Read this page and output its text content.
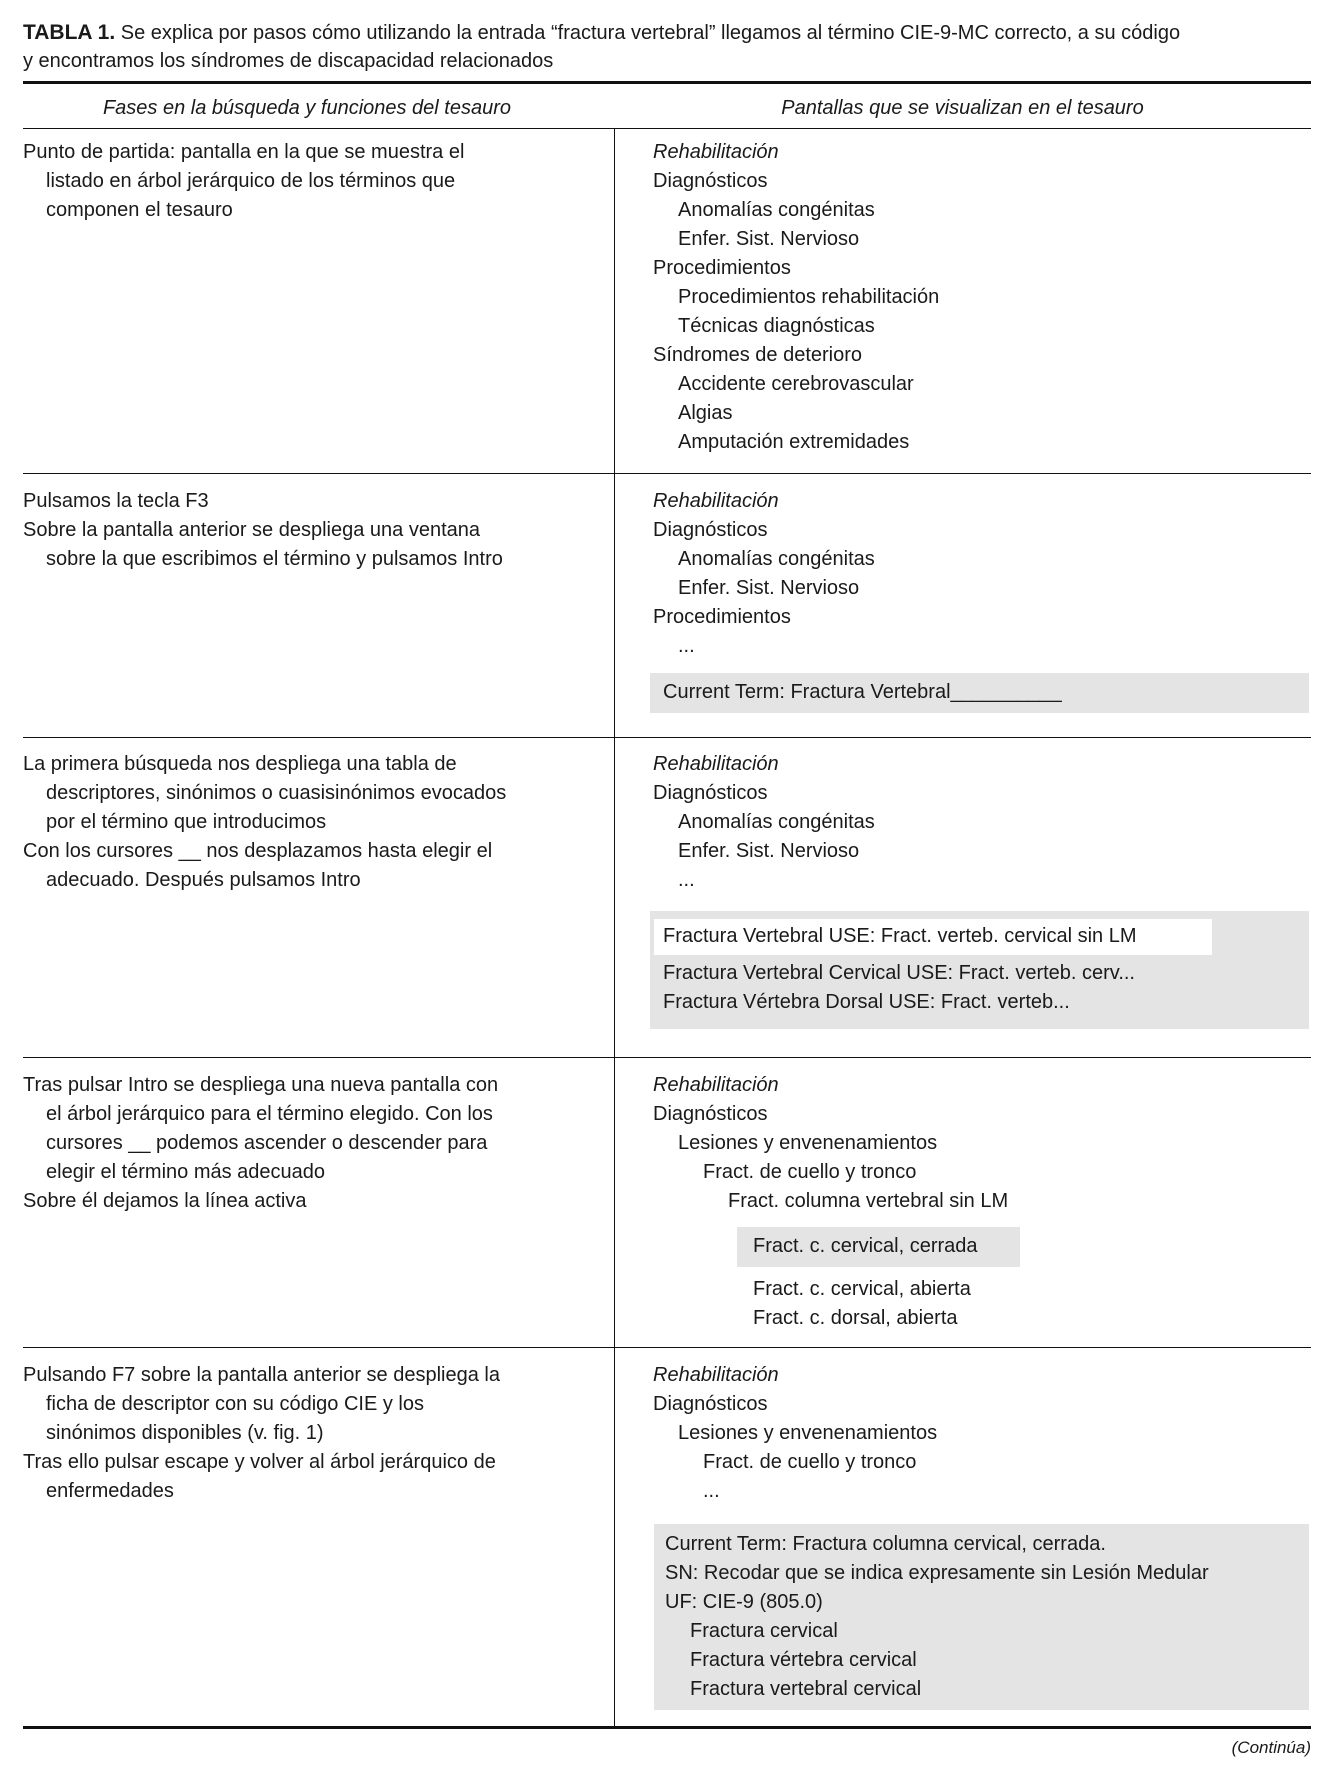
TABLA 1. Se explica por pasos cómo utilizando la entrada “fractura vertebral” llegamos al término CIE-9-MC correcto, a su código
y encontramos los síndromes de discapacidad relacionados
Fases en la búsqueda y funciones del tesauro	Pantallas que se visualizan en el tesauro
Punto de partida: pantalla en la que se muestra el
listado en árbol jerárquico de los términos que
componen el tesauro
Rehabilitación
Diagnósticos
Anomalías congénitas
Enfer. Sist. Nervioso
Procedimientos
Procedimientos rehabilitación
Técnicas diagnósticas
Síndromes de deterioro
Accidente cerebrovascular
Algias
Amputación extremidades
Pulsamos la tecla F3
Sobre la pantalla anterior se despliega una ventana
sobre la que escribimos el término y pulsamos Intro
Rehabilitación
Diagnósticos
Anomalías congénitas
Enfer. Sist. Nervioso
Procedimientos
...
Current Term: Fractura Vertebral__________
La primera búsqueda nos despliega una tabla de
descriptores, sinónimos o cuasisinónimos evocados
por el término que introducimos
Con los cursores __ nos desplazamos hasta elegir el
adecuado. Después pulsamos Intro
Rehabilitación
Diagnósticos
Anomalías congénitas
Enfer. Sist. Nervioso
...
Fractura Vertebral USE: Fract. verteb. cervical sin LM
Fractura Vertebral Cervical USE: Fract. verteb. cerv...
Fractura Vértebra Dorsal USE: Fract. verteb...
Tras pulsar Intro se despliega una nueva pantalla con
el árbol jerárquico para el término elegido. Con los
cursores __ podemos ascender o descender para
elegir el término más adecuado
Sobre él dejamos la línea activa
Rehabilitación
Diagnósticos
Lesiones y envenenamientos
Fract. de cuello y tronco
Fract. columna vertebral sin LM
Fract. c. cervical, cerrada
Fract. c. cervical, abierta
Fract. c. dorsal, abierta
Pulsando F7 sobre la pantalla anterior se despliega la
ficha de descriptor con su código CIE y los
sinónimos disponibles (v. fig. 1)
Tras ello pulsar escape y volver al árbol jerárquico de
enfermedades
Rehabilitación
Diagnósticos
Lesiones y envenenamientos
Fract. de cuello y tronco
...
Current Term: Fractura columna cervical, cerrada.
SN: Recodar que se indica expresamente sin Lesión Medular
UF: CIE-9 (805.0)
Fractura cervical
Fractura vértebra cervical
Fractura vertebral cervical
(Continúa)
